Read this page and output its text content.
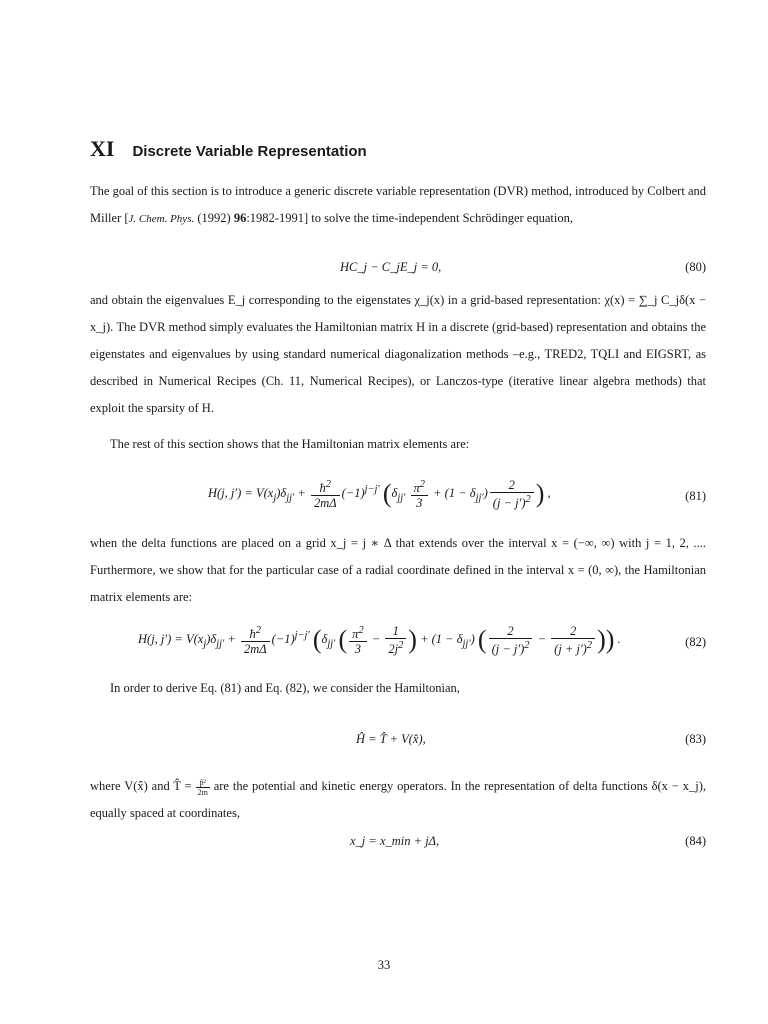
XI Discrete Variable Representation
The goal of this section is to introduce a generic discrete variable representation (DVR) method, introduced by Colbert and Miller [J. Chem. Phys. (1992) 96:1982-1991] to solve the time-independent Schrödinger equation,
HC_j − C_jE_j = 0,	(80)
and obtain the eigenvalues E_j corresponding to the eigenstates χ_j(x) in a grid-based representation: χ(x) = ∑_j C_jδ(x − x_j). The DVR method simply evaluates the Hamiltonian matrix H in a discrete (grid-based) representation and obtains the eigenstates and eigenvalues by using standard numerical diagonalization methods –e.g., TRED2, TQLI and EIGSRT, as described in Numerical Recipes (Ch. 11, Numerical Recipes), or Lanczos-type (iterative linear algebra methods) that exploit the sparsity of H.
The rest of this section shows that the Hamiltonian matrix elements are:
H(j, $j') = V(x_j)\delta_{jj'} + \frac{ħ^2}{2m\Delta} (-1)^{j-j'}$ ($\delta_{jj'} \frac{\pi^2}{3} + (1 - \delta_{jj'}) \frac{2}{(j - j')^2}$ ) ,	(81)
when the delta functions are placed on a grid x_j = j ∗ Δ that extends over the interval x = (−∞, ∞) with j = 1, 2, .... Furthermore, we show that for the particular case of a radial coordinate defined in the interval x = (0, ∞), the Hamiltonian matrix elements are:
H(j, $j') = V(x_j)\delta_{jj'} + \frac{ħ^2}{2m\Delta} (-1)^{j-j'}$ ($\delta_{jj'}$ ( $\frac{\pi^2}{3} - \frac{1}{2j^2}$ ) + $(1 - \delta_{jj'})$ ( $\frac{2}{(j - j')^2} - \frac{2}{(j + j')^2}$ )) .	(82)
In order to derive Eq. (81) and Eq. (82), we consider the Hamiltonian,
Ĥ = T̂ + V(x̂),	(83)
where V(x̂) and T̂ = $\frac{\text{p̂²}}{2m}$ are the potential and kinetic energy operators. In the representation of delta functions δ(x − x_j), equally spaced at coordinates,
x_j = x_min + jΔ,	(84)
33
